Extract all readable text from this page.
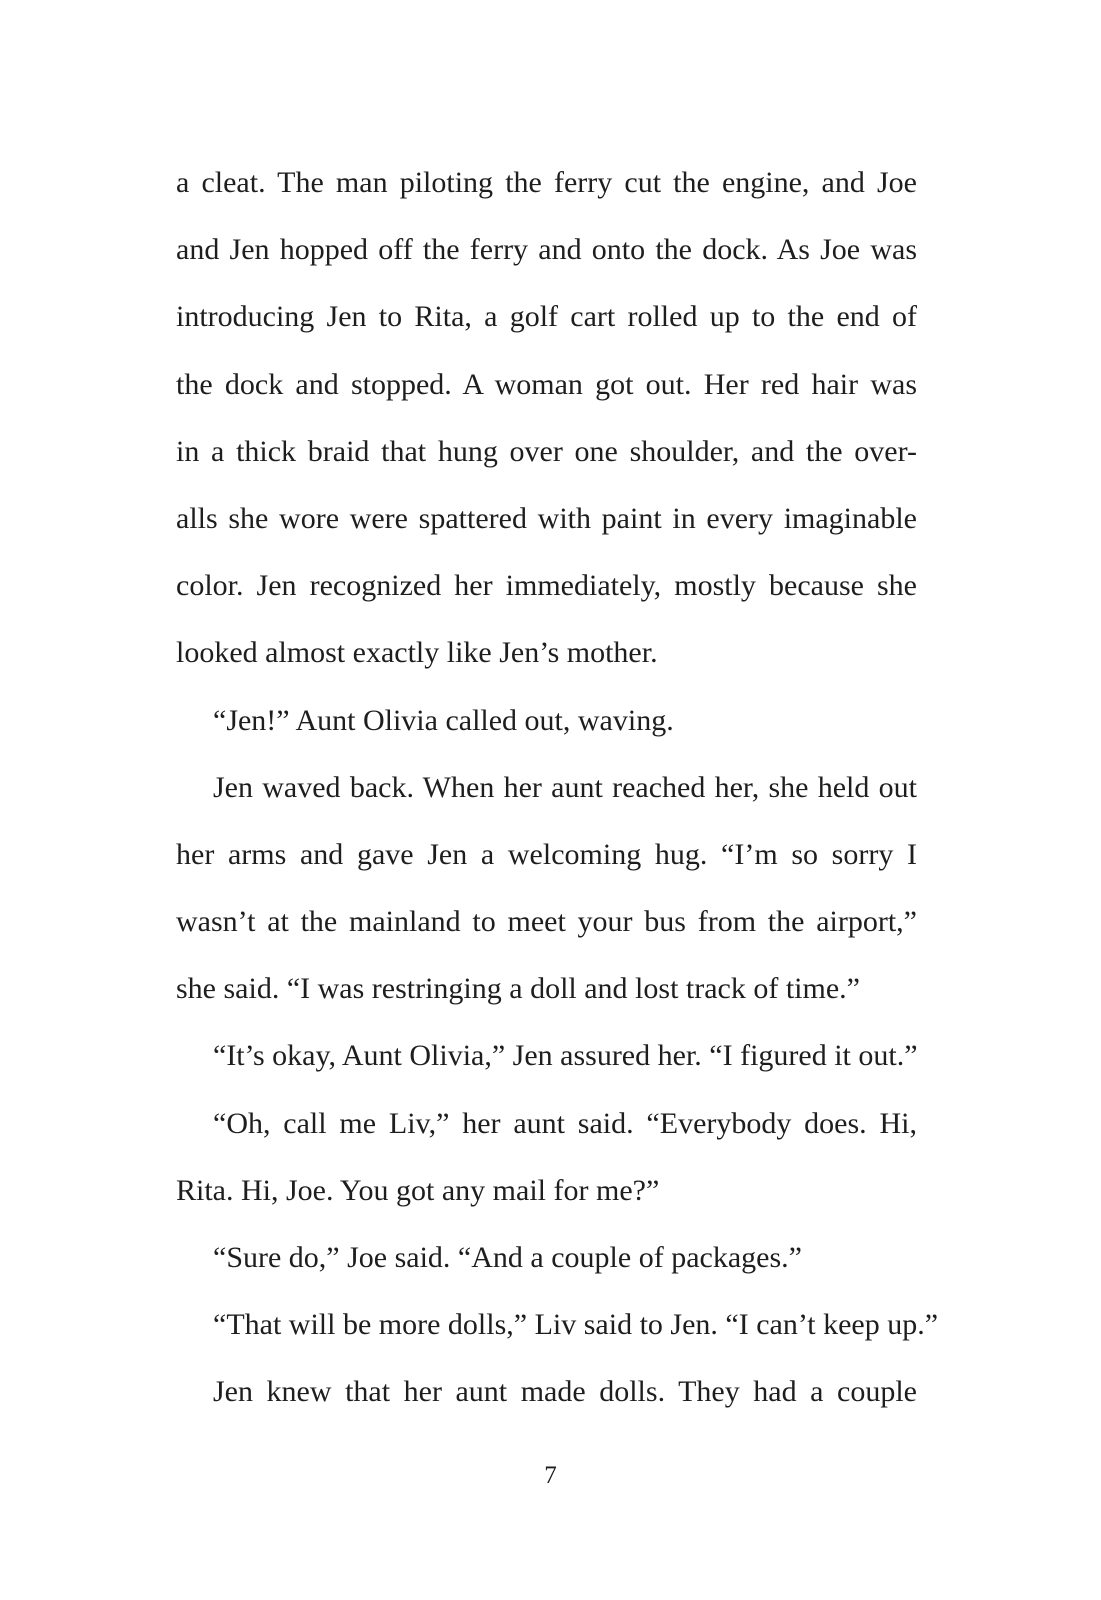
a cleat. The man piloting the ferry cut the engine, and Joe
and Jen hopped off the ferry and onto the dock. As Joe was
introducing Jen to Rita, a golf cart rolled up to the end of
the dock and stopped. A woman got out. Her red hair was
in a thick braid that hung over one shoulder, and the over-
alls she wore were spattered with paint in every imaginable
color. Jen recognized her immediately, mostly because she
looked almost exactly like Jen’s mother.
“Jen!” Aunt Olivia called out, waving.
Jen waved back. When her aunt reached her, she held out
her arms and gave Jen a welcoming hug. “I’m so sorry I
wasn’t at the mainland to meet your bus from the airport,”
she said. “I was restringing a doll and lost track of time.”
“It’s okay, Aunt Olivia,” Jen assured her. “I figured it out.”
“Oh, call me Liv,” her aunt said. “Everybody does. Hi,
Rita. Hi, Joe. You got any mail for me?”
“Sure do,” Joe said. “And a couple of packages.”
“That will be more dolls,” Liv said to Jen. “I can’t keep up.”
Jen knew that her aunt made dolls. They had a couple
7
